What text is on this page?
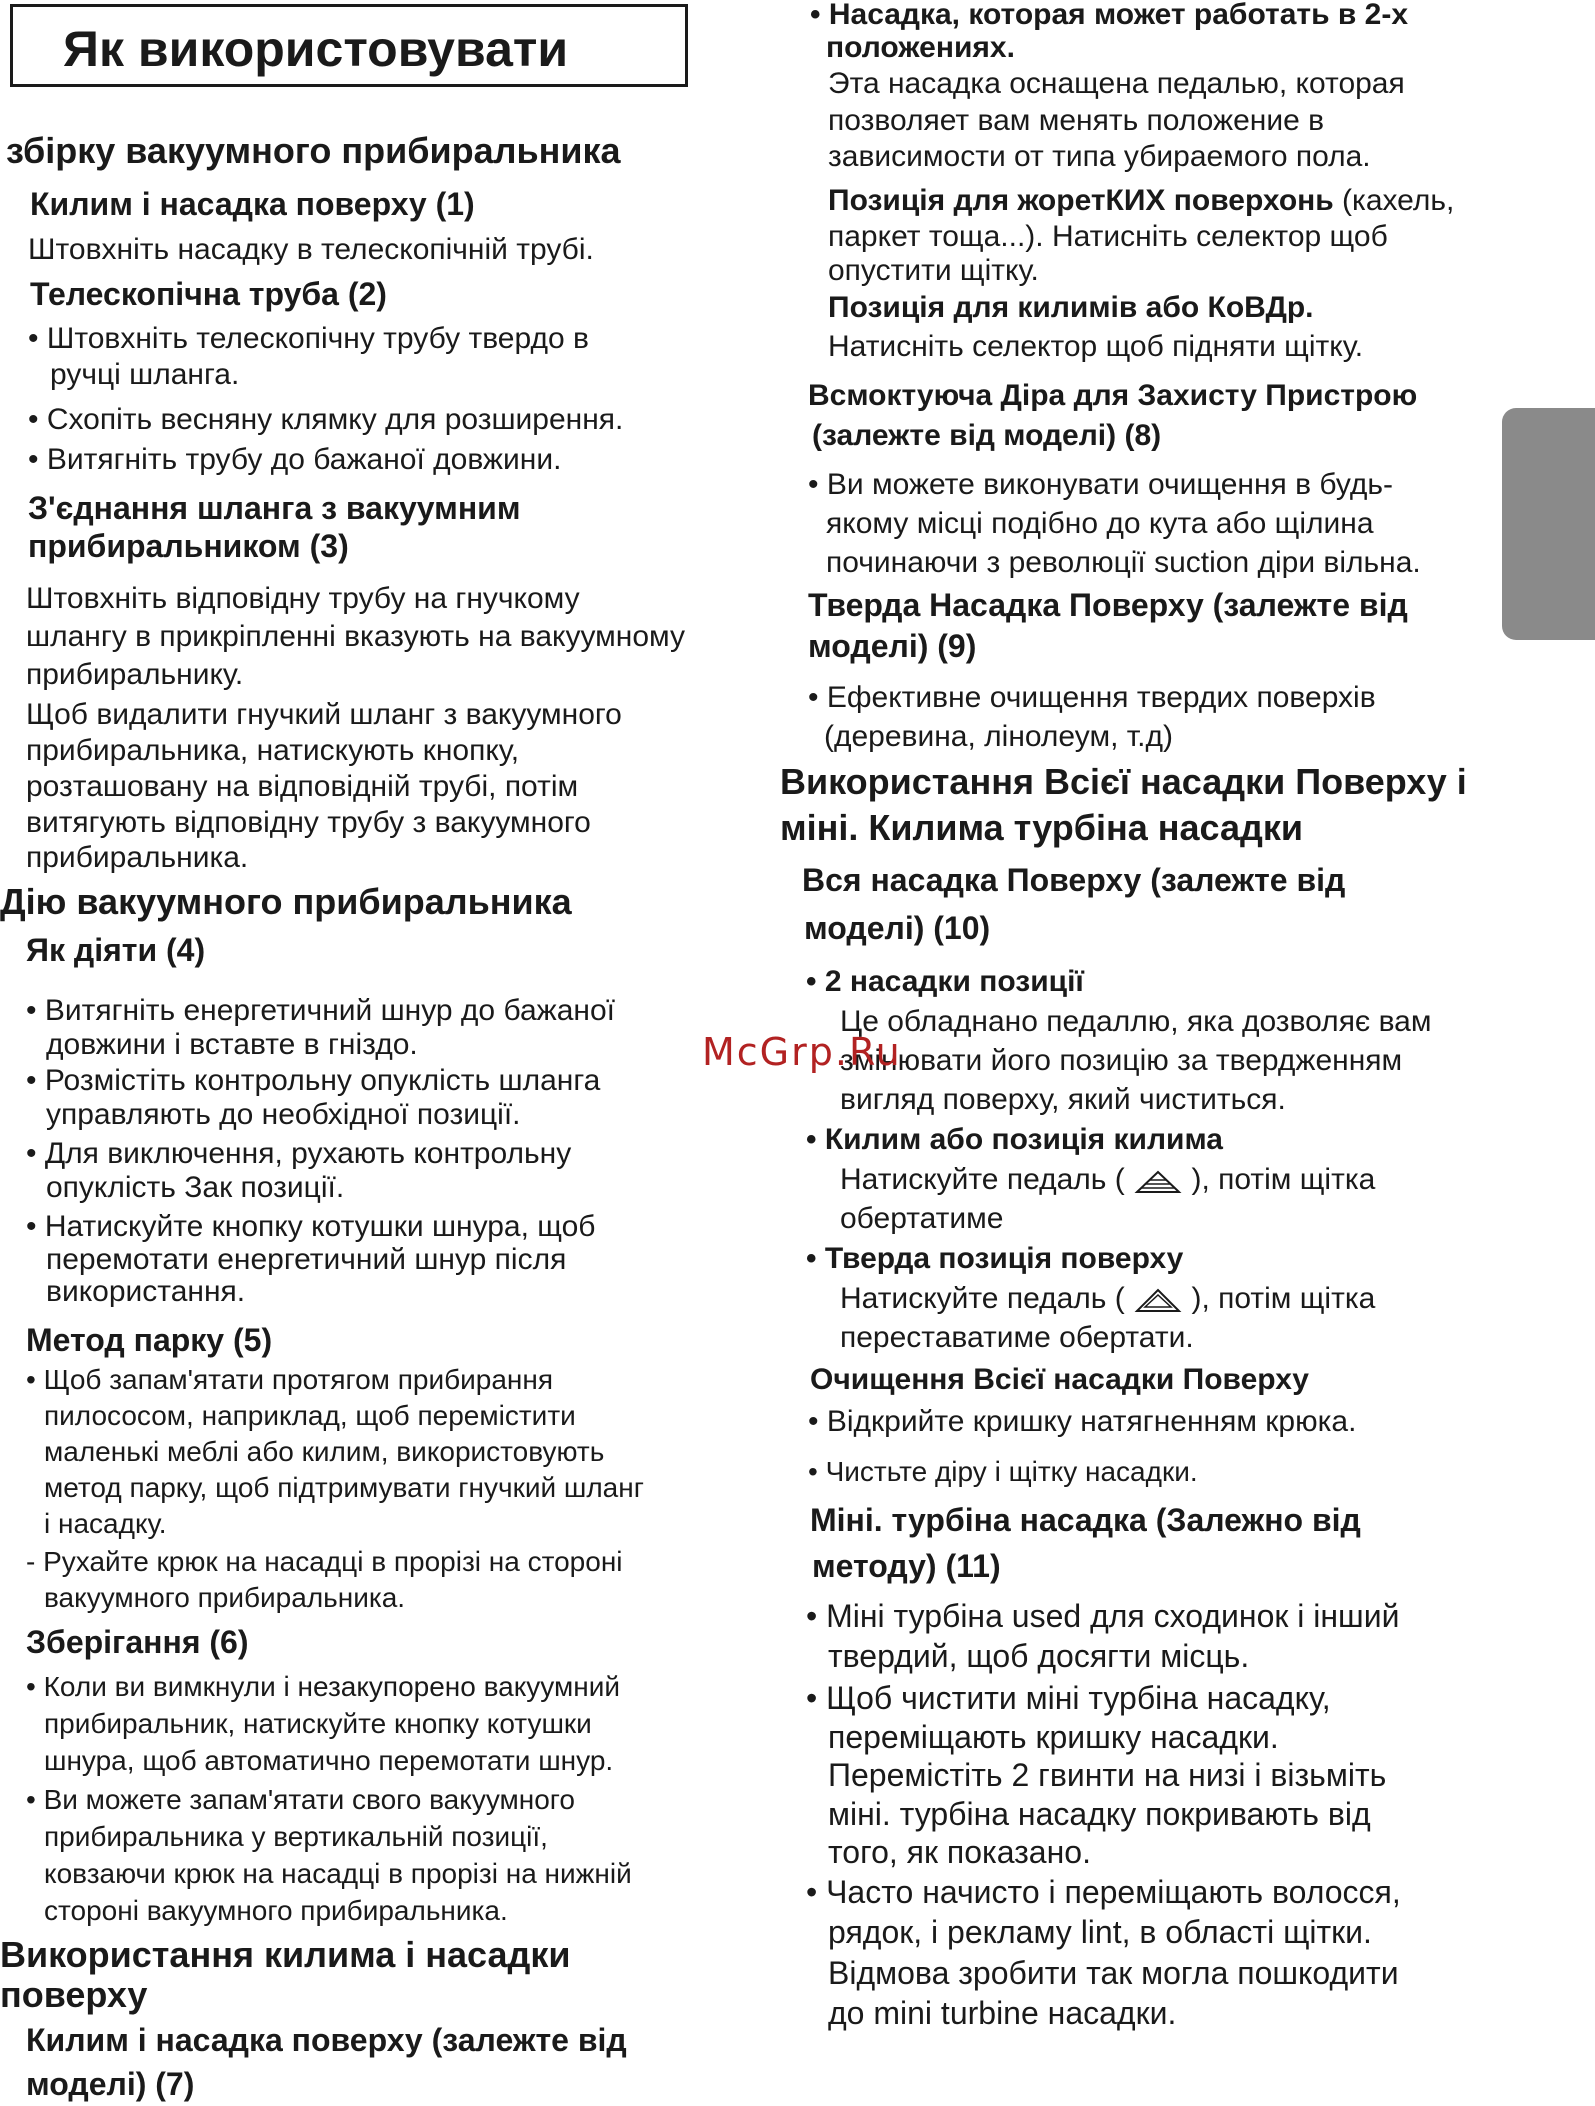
Як використовувати
збірку вакуумного прибиральника
Килим і насадка поверху (1)
Штовхніть насадку в телескопічній трубі.
Телескопічна труба (2)
• Штовхніть телескопічну трубу твердо в
ручці шланга.
• Схопіть весняну клямку для розширення.
• Витягніть трубу до бажаної довжини.
З'єднання шланга з вакуумним
прибиральником (3)
Штовхніть відповідну трубу на гнучкому
шлангу в прикріпленні вказують на вакуумному
прибиральнику.
Щоб видалити гнучкий шланг з вакуумного
прибиральника, натискують кнопку,
розташовану на відповідній трубі, потім
витягують відповідну трубу з вакуумного
прибиральника.
Дію вакуумного прибиральника
Як діяти (4)
• Витягніть енергетичний шнур до бажаної
довжини і вставте в гніздо.
• Розмістіть контрольну опуклість шланга
управляють до необхідної позиції.
• Для виключення, рухають контрольну
опуклість Зак позиції.
• Натискуйте кнопку котушки шнура, щоб
перемотати енергетичний шнур після
використання.
Метод парку (5)
• Щоб запам'ятати протягом прибирання
пилососом, наприклад, щоб перемістити
маленькі меблі або килим, використовують
метод парку, щоб підтримувати гнучкий шланг
і насадку.
- Рухайте крюк на насадці в прорізі на стороні
вакуумного прибиральника.
Зберігання (6)
• Коли ви вимкнули і незакупорено вакуумний
прибиральник, натискуйте кнопку котушки
шнура, щоб автоматично перемотати шнур.
• Ви можете запам'ятати свого вакуумного
прибиральника у вертикальній позиції,
ковзаючи крюк на насадці в прорізі на нижній
стороні вакуумного прибиральника.
Використання килима і насадки
поверху
Килим і насадка поверху (залежте від
моделі) (7)
• Насадка, которая может работать в 2-х
положениях.
Эта насадка оснащена педалью, которая
позволяет вам менять положение в
зависимости от типа убираемого пола.
Позиція для жоретКИХ поверхонь (кахель,
паркет тоща...). Натисніть селектор щоб
опустити щітку.
Позиція для килимів або КоВДр.
Натисніть селектор щоб підняти щітку.
Всмоктуюча Діра для Захисту Пристрою
(залежте від моделі) (8)
• Ви можете виконувати очищення в будь-
якому місці подібно до кута або щілина
починаючи з революції suction діри вільна.
Тверда Насадка Поверху (залежте від
моделі) (9)
• Ефективне очищення твердих поверхів
(деревина, лінолеум, т.д)
Використання Всієї насадки Поверху і
міні. Килима турбіна насадки
Вся насадка Поверху (залежте від
моделі) (10)
• 2 насадки позиції
Це обладнано педаллю, яка дозволяє вам
змінювати його позицію за твердженням
вигляд поверху, який чиститься.
• Килим або позиція килима
Натискуйте педаль ( ), потім щітка
обертатиме
• Тверда позиція поверху
Натискуйте педаль ( ), потім щітка
переставатиме обертати.
Очищення Всієї насадки Поверху
• Відкрийте кришку натягненням крюка.
• Чистьте діру і щітку насадки.
Міні. турбіна насадка (Залежно від
методу) (11)
• Міні турбіна used для сходинок і інший
твердий, щоб досягти місць.
• Щоб чистити міні турбіна насадку,
переміщають кришку насадки.
Перемістіть 2 гвинти на низі і візьміть
міні. турбіна насадку покривають від
того, як показано.
• Часто начисто і переміщають волосся,
рядок, і рекламу lint, в області щітки.
Відмова зробити так могла пошкодити
до mini turbine насадки.
McGrp.Ru
